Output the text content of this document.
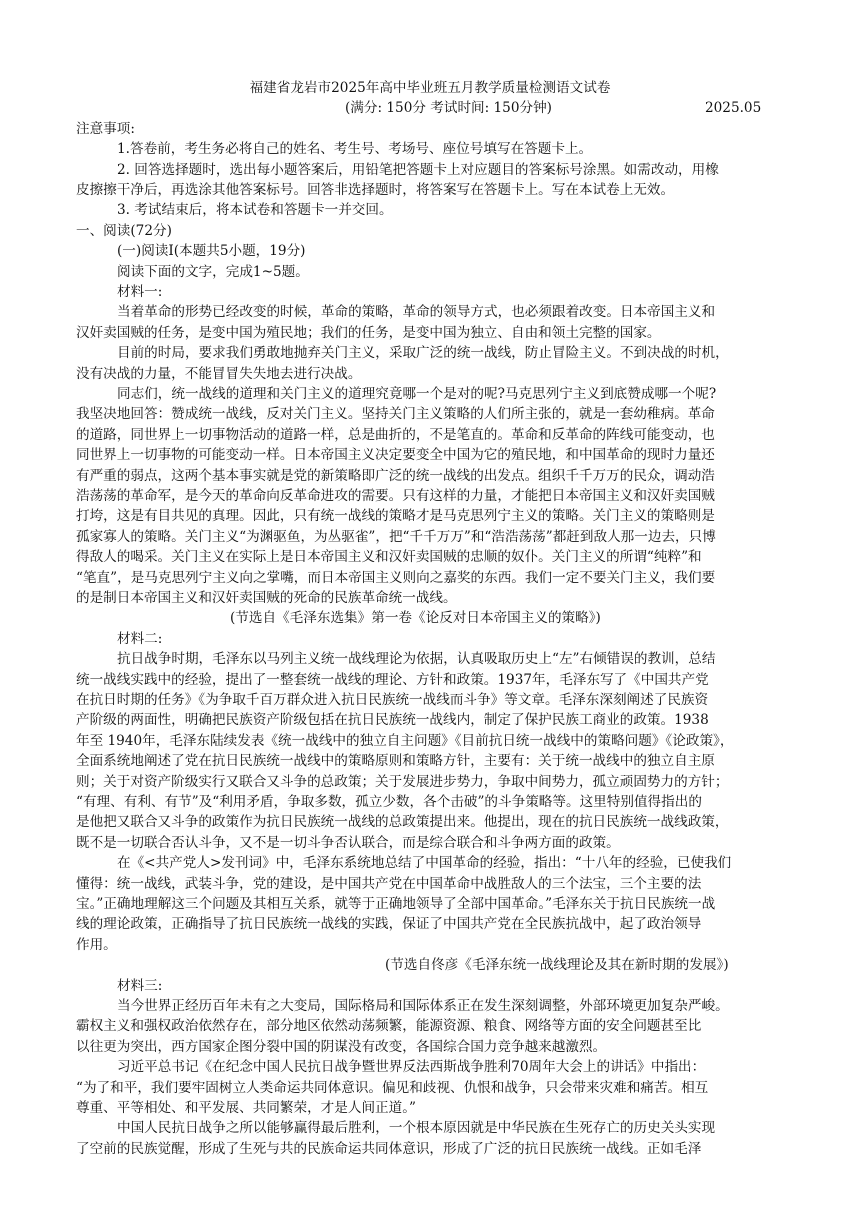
福建省龙岩市2025年高中毕业班五月教学质量检测语文试卷
(满分: 150分 考试时间: 150分钟)	2025.05
注意事项:
1.答卷前，考生务必将自己的姓名、考生号、考场号、座位号填写在答题卡上。
2. 回答选择题时，选出每小题答案后，用铅笔把答题卡上对应题目的答案标号涂黑。如需改动，用橡
皮擦擦干净后，再选涂其他答案标号。回答非选择题时，将答案写在答题卡上。写在本试卷上无效。
3. 考试结束后，将本试卷和答题卡一并交回。
一、阅读(72分)
(一)阅读Ⅰ(本题共5小题，19分)
阅读下面的文字，完成1~5题。
材料一:
当着革命的形势已经改变的时候，革命的策略，革命的领导方式，也必须跟着改变。日本帝国主义和
汉奸卖国贼的任务，是变中国为殖民地；我们的任务，是变中国为独立、自由和领土完整的国家。
目前的时局，要求我们勇敢地抛弃关门主义，采取广泛的统一战线，防止冒险主义。不到决战的时机，
没有决战的力量，不能冒冒失失地去进行决战。
同志们，统一战线的道理和关门主义的道理究竟哪一个是对的呢?马克思列宁主义到底赞成哪一个呢?
我坚决地回答：赞成统一战线，反对关门主义。坚持关门主义策略的人们所主张的，就是一套幼稚病。革命
的道路，同世界上一切事物活动的道路一样，总是曲折的，不是笔直的。革命和反革命的阵线可能变动，也
同世界上一切事物的可能变动一样。日本帝国主义决定要变全中国为它的殖民地，和中国革命的现时力量还
有严重的弱点，这两个基本事实就是党的新策略即广泛的统一战线的出发点。组织千千万万的民众，调动浩
浩荡荡的革命军，是今天的革命向反革命进攻的需要。只有这样的力量，才能把日本帝国主义和汉奸卖国贼
打垮，这是有目共见的真理。因此，只有统一战线的策略才是马克思列宁主义的策略。关门主义的策略则是
孤家寡人的策略。关门主义“为渊驱鱼，为丛驱雀”，把“千千万万”和“浩浩荡荡”都赶到敌人那一边去，只博
得敌人的喝采。关门主义在实际上是日本帝国主义和汉奸卖国贼的忠顺的奴仆。关门主义的所谓“纯粹”和
“笔直”，是马克思列宁主义向之掌嘴，而日本帝国主义则向之嘉奖的东西。我们一定不要关门主义，我们要
的是制日本帝国主义和汉奸卖国贼的死命的民族革命统一战线。
(节选自《毛泽东选集》第一卷《论反对日本帝国主义的策略》)
材料二:
抗日战争时期，毛泽东以马列主义统一战线理论为依据，认真吸取历史上“左”右倾错误的教训，总结
统一战线实践中的经验，提出了一整套统一战线的理论、方针和政策。1937年，毛泽东写了《中国共产党
在抗日时期的任务》《为争取千百万群众进入抗日民族统一战线而斗争》等文章。毛泽东深刻阐述了民族资
产阶级的两面性，明确把民族资产阶级包括在抗日民族统一战线内，制定了保护民族工商业的政策。1938
年至 1940年，毛泽东陆续发表《统一战线中的独立自主问题》《目前抗日统一战线中的策略问题》《论政策》，
全面系统地阐述了党在抗日民族统一战线中的策略原则和策略方针，主要有：关于统一战线中的独立自主原
则；关于对资产阶级实行又联合又斗争的总政策；关于发展进步势力，争取中间势力，孤立顽固势力的方针；
“有理、有利、有节”及“利用矛盾，争取多数，孤立少数，各个击破”的斗争策略等。这里特别值得指出的
是他把又联合又斗争的政策作为抗日民族统一战线的总政策提出来。他提出，现在的抗日民族统一战线政策，
既不是一切联合否认斗争，又不是一切斗争否认联合，而是综合联合和斗争两方面的政策。
在《<共产党人>发刊词》中，毛泽东系统地总结了中国革命的经验，指出：“十八年的经验，已使我们
懂得：统一战线，武装斗争，党的建设，是中国共产党在中国革命中战胜敌人的三个法宝，三个主要的法
宝。”正确地理解这三个问题及其相互关系，就等于正确地领导了全部中国革命。”毛泽东关于抗日民族统一战
线的理论政策，正确指导了抗日民族统一战线的实践，保证了中国共产党在全民族抗战中，起了政治领导
作用。
(节选自佟彦《毛泽东统一战线理论及其在新时期的发展》)
材料三:
当今世界正经历百年未有之大变局，国际格局和国际体系正在发生深刻调整，外部环境更加复杂严峻。
霸权主义和强权政治依然存在，部分地区依然动荡频繁，能源资源、粮食、网络等方面的安全问题甚至比
以往更为突出，西方国家企图分裂中国的阴谋没有改变，各国综合国力竞争越来越激烈。
习近平总书记《在纪念中国人民抗日战争暨世界反法西斯战争胜利70周年大会上的讲话》中指出：
“为了和平，我们要牢固树立人类命运共同体意识。偏见和歧视、仇恨和战争，只会带来灾难和痛苦。相互
尊重、平等相处、和平发展、共同繁荣，才是人间正道。”
中国人民抗日战争之所以能够赢得最后胜利，一个根本原因就是中华民族在生死存亡的历史关头实现
了空前的民族觉醒，形成了生死与共的民族命运共同体意识，形成了广泛的抗日民族统一战线。正如毛泽
